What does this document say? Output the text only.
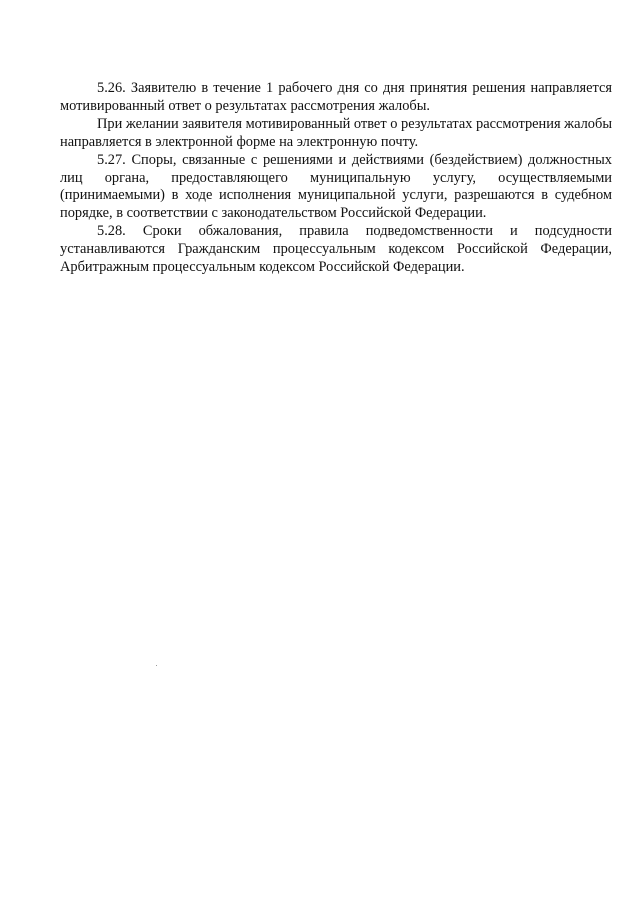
5.26. Заявителю в течение 1 рабочего дня со дня принятия решения направляется мотивированный ответ о результатах рассмотрения жалобы.

При желании заявителя мотивированный ответ о результатах рассмотрения жалобы направляется в электронной форме на электронную почту.

5.27. Споры, связанные с решениями и действиями (бездействием) должностных лиц органа, предоставляющего муниципальную услугу, осуществляемыми (принимаемыми) в ходе исполнения муниципальной услуги, разрешаются в судебном порядке, в соответствии с законодательством Российской Федерации.

5.28. Сроки обжалования, правила подведомственности и подсудности устанавливаются Гражданским процессуальным кодексом Российской Федерации, Арбитражным процессуальным кодексом Российской Федерации.
